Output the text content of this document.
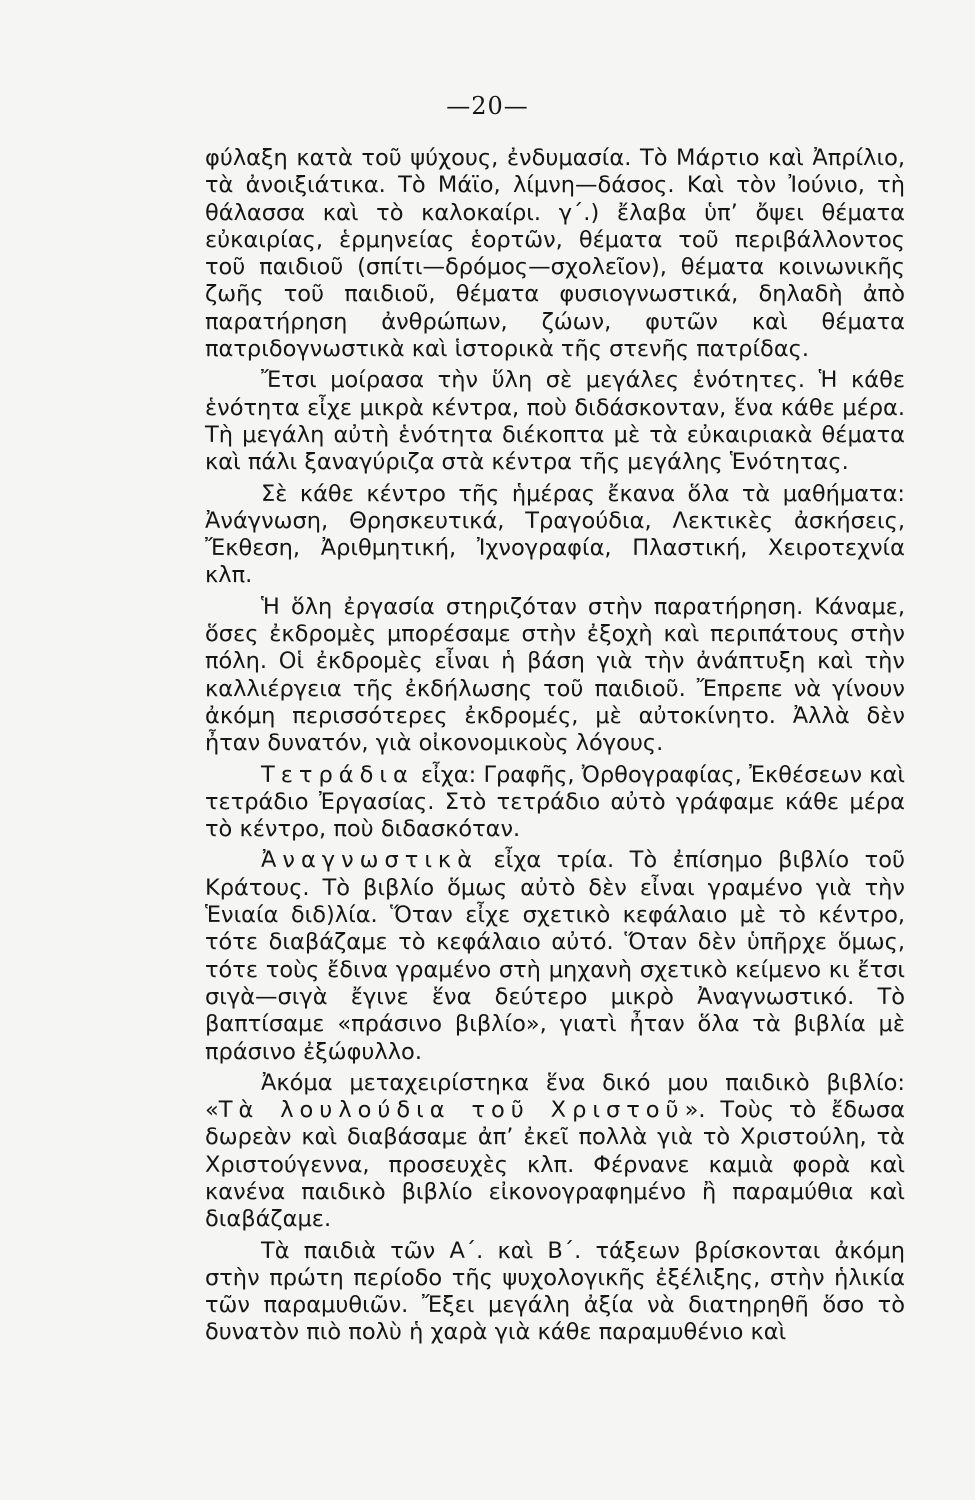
—20—

φύλαξη κατὰ τοῦ ψύχους, ἐνδυμασία. Τὸ Μάρτιο καὶ Ἀπρίλιο, τὰ ἀνοιξιάτικα. Τὸ Μάϊο, λίμνη—δάσος. Καὶ τὸν Ἰούνιο, τὴ θάλασσα καὶ τὸ καλοκαίρι. γ΄.) ἔλαβα ὑπ’ ὄψει θέματα εὐκαιρίας, ἑρμηνείας ἑορτῶν, θέματα τοῦ περιβάλλοντος τοῦ παιδιοῦ (σπίτι—δρόμος—σχολεῖον), θέματα κοινωνικῆς ζωῆς τοῦ παιδιοῦ, θέματα φυσιογνωστικά, δηλαδὴ ἀπὸ παρατήρηση ἀνθρώπων, ζώων, φυτῶν καὶ θέματα πατριδογνωστικὰ καὶ ἱστορικὰ τῆς στενῆς πατρίδας.

Ἔτσι μοίρασα τὴν ὕλη σὲ μεγάλες ἑνότητες. Ἡ κάθε ἑνότητα εἶχε μικρὰ κέντρα, ποὺ διδάσκονταν, ἕνα κάθε μέρα. Τὴ μεγάλη αὐτὴ ἑνότητα διέκοπτα μὲ τὰ εὐκαιριακὰ θέματα καὶ πάλι ξαναγύριζα στὰ κέντρα τῆς μεγάλης Ἑνότητας.

Σὲ κάθε κέντρο τῆς ἡμέρας ἔκανα ὅλα τὰ μαθήματα: Ἀνάγνωση, Θρησκευτικά, Τραγούδια, Λεκτικὲς ἀσκήσεις, Ἔκθεση, Ἀριθμητική, Ἰχνογραφία, Πλαστική, Χειροτεχνία κλπ.

Ἡ ὅλη ἐργασία στηριζόταν στὴν παρατήρηση. Κάναμε, ὅσες ἐκδρομὲς μπορέσαμε στὴν ἐξοχὴ καὶ περιπάτους στὴν πόλη. Οἱ ἐκδρομὲς εἶναι ἡ βάση γιὰ τὴν ἀνάπτυξη καὶ τὴν καλλιέργεια τῆς ἐκδήλωσης τοῦ παιδιοῦ. Ἔπρεπε νὰ γίνουν ἀκόμη περισσότερες ἐκδρομές, μὲ αὐτοκίνητο. Ἀλλὰ δὲν ἦταν δυνατόν, γιὰ οἰκονομικοὺς λόγους.

Τετράδια εἶχα: Γραφῆς, Ὀρθογραφίας, Ἐκθέσεων καὶ τετράδιο Ἐργασίας. Στὸ τετράδιο αὐτὸ γράφαμε κάθε μέρα τὸ κέντρο, ποὺ διδασκόταν.

Ἀναγνωστικὰ εἶχα τρία. Τὸ ἐπίσημο βιβλίο τοῦ Κράτους. Τὸ βιβλίο ὅμως αὐτὸ δὲν εἶναι γραμένο γιὰ τὴν Ἑνιαία διδ)λία. Ὅταν εἶχε σχετικὸ κεφάλαιο μὲ τὸ κέντρο, τότε διαβάζαμε τὸ κεφάλαιο αὐτό. Ὅταν δὲν ὑπῆρχε ὅμως, τότε τοὺς ἔδινα γραμένο στὴ μηχανὴ σχετικὸ κείμενο κι ἔτσι σιγὰ—σιγὰ ἔγινε ἕνα δεύτερο μικρὸ Ἀναγνωστικό. Τὸ βαπτίσαμε «πράσινο βιβλίο», γιατὶ ἦταν ὅλα τὰ βιβλία μὲ πράσινο ἐξώφυλλο.

Ἀκόμα μεταχειρίστηκα ἕνα δικό μου παιδικὸ βιβλίο: «Τὰ λουλούδια τοῦ Χριστοῦ». Τοὺς τὸ ἔδωσα δωρεὰν καὶ διαβάσαμε ἀπ’ ἐκεῖ πολλὰ γιὰ τὸ Χριστούλη, τὰ Χριστούγεννα, προσευχὲς κλπ. Φέρνανε καμιὰ φορὰ καὶ κανένα παιδικὸ βιβλίο εἰκονογραφημένο ἢ παραμύθια καὶ διαβάζαμε.

Τὰ παιδιὰ τῶν Α΄. καὶ Β΄. τάξεων βρίσκονται ἀκόμη στὴν πρώτη περίοδο τῆς ψυχολογικῆς ἐξέλιξης, στὴν ἡλικία τῶν παραμυθιῶν. Ἔξει μεγάλη ἀξία νὰ διατηρηθῆ ὅσο τὸ δυνατὸν πιὸ πολὺ ἡ χαρὰ γιὰ κάθε παραμυθένιο καὶ
